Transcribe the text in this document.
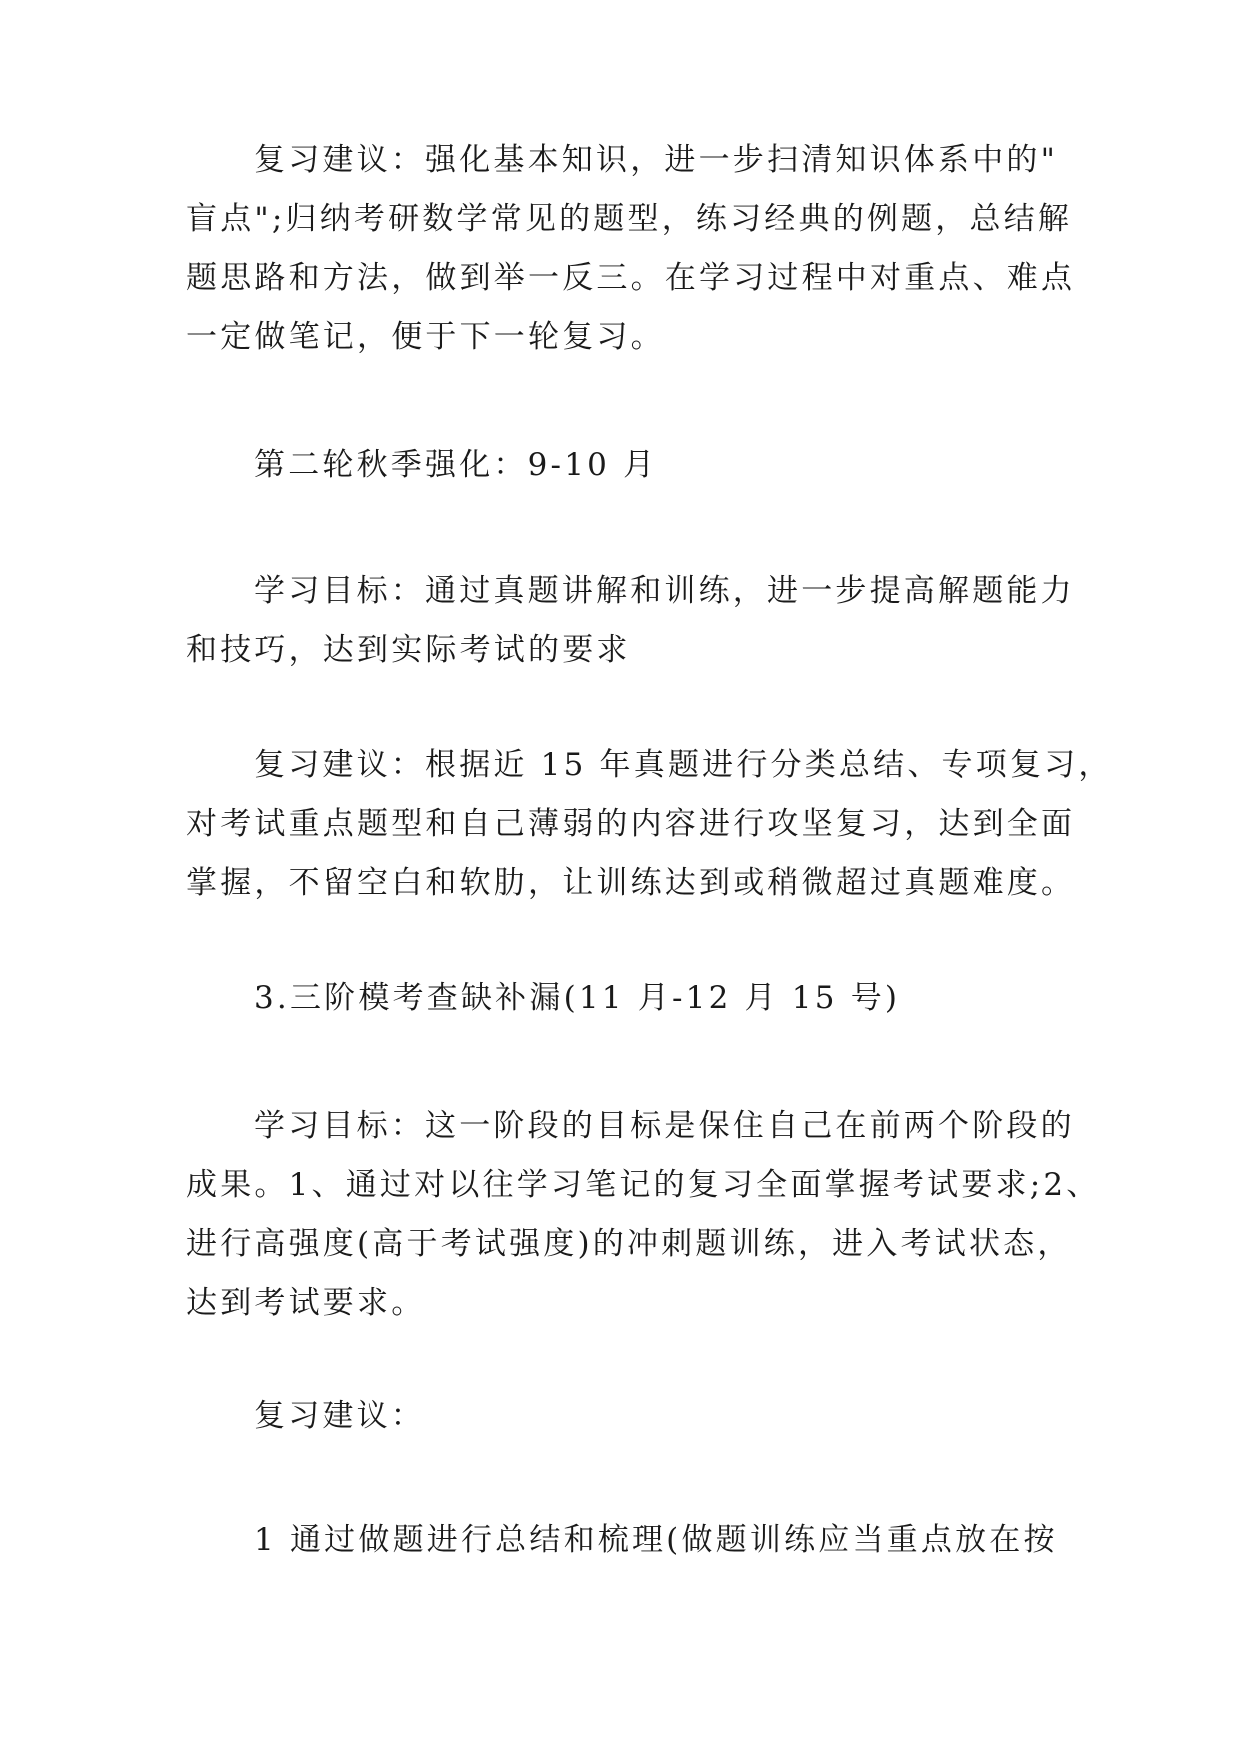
复习建议：强化基本知识，进一步扫清知识体系中的"
盲点";归纳考研数学常见的题型，练习经典的例题，总结解
题思路和方法，做到举一反三。在学习过程中对重点、难点
一定做笔记，便于下一轮复习。
第二轮秋季强化：9-10 月
学习目标：通过真题讲解和训练，进一步提高解题能力
和技巧，达到实际考试的要求
复习建议：根据近 15 年真题进行分类总结、专项复习，
对考试重点题型和自己薄弱的内容进行攻坚复习，达到全面
掌握，不留空白和软肋，让训练达到或稍微超过真题难度。
3.三阶模考查缺补漏(11 月-12 月 15 号)
学习目标：这一阶段的目标是保住自己在前两个阶段的
成果。1、通过对以往学习笔记的复习全面掌握考试要求;2、
进行高强度(高于考试强度)的冲刺题训练，进入考试状态，
达到考试要求。
复习建议：
1 通过做题进行总结和梳理(做题训练应当重点放在按
